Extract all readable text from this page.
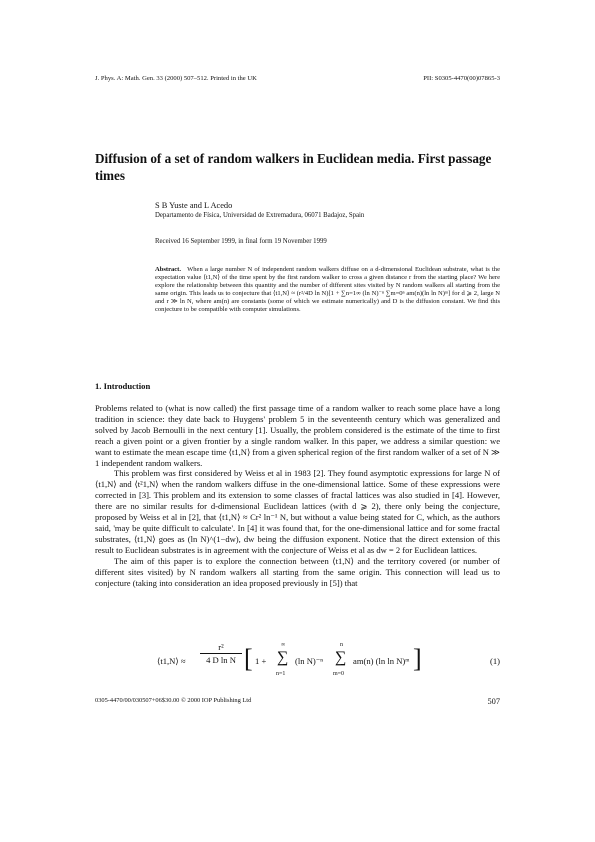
J. Phys. A: Math. Gen. 33 (2000) 507–512. Printed in the UK	PII: S0305-4470(00)07865-3
Diffusion of a set of random walkers in Euclidean media. First passage times
S B Yuste and L Acedo
Departamento de Física, Universidad de Extremadura, 06071 Badajoz, Spain
Received 16 September 1999, in final form 19 November 1999
Abstract. When a large number N of independent random walkers diffuse on a d-dimensional Euclidean substrate, what is the expectation value ⟨t1,N⟩ of the time spent by the first random walker to cross a given distance r from the starting place? We here explore the relationship between this quantity and the number of different sites visited by N random walkers all starting from the same origin. This leads us to conjecture that ⟨t1,N⟩ ≈ (r²/4D ln N)[1 + ∑n=1∞ (ln N)⁻ⁿ ∑m=0ⁿ am(n)(ln ln N)ᵐ] for d ⩾ 2, large N and r ≫ ln N, where am(n) are constants (some of which we estimate numerically) and D is the diffusion constant. We find this conjecture to be compatible with computer simulations.
1. Introduction

Problems related to (what is now called) the first passage time of a random walker to reach some place have a long tradition in science: they date back to Huygens' problem 5 in the seventeenth century which was generalized and solved by Jacob Bernoulli in the next century [1]. Usually, the problem considered is the estimate of the time to first reach a given point or a given frontier by a single random walker. In this paper, we address a similar question: we want to estimate the mean escape time ⟨t1,N⟩ from a given spherical region of the first random walker of a set of N ≫ 1 independent random walkers.

This problem was first considered by Weiss et al in 1983 [2]. They found asymptotic expressions for large N of ⟨t1,N⟩ and ⟨t²1,N⟩ when the random walkers diffuse in the one-dimensional lattice. Some of these expressions were corrected in [3]. This problem and its extension to some classes of fractal lattices was also studied in [4]. However, there are no similar results for d-dimensional Euclidean lattices (with d ⩾ 2), there only being the conjecture, proposed by Weiss et al in [2], that ⟨t1,N⟩ ≈ Cr² ln⁻¹ N, but without a value being stated for C, which, as the authors said, 'may be quite difficult to calculate'. In [4] it was found that, for the one-dimensional lattice and for some fractal substrates, ⟨t1,N⟩ goes as (ln N)^(1−dw), dw being the diffusion exponent. Notice that the direct extension of this result to Euclidean substrates is in agreement with the conjecture of Weiss et al as dw = 2 for Euclidean lattices.

The aim of this paper is to explore the connection between ⟨t1,N⟩ and the territory covered (or number of different sites visited) by N random walkers all starting from the same origin. This connection will lead us to conjecture (taking into consideration an idea proposed previously in [5]) that

⟨t1,N⟩ ≈ $\frac{\text{r²}}{\text{4 D ln N}}$ [ 1 +
∞
∑
n=1
(ln N)⁻ⁿ
n
∑
m=0
am(n) (ln ln N)ᵐ ]	(1)
0305-4470/00/030507+06$30.00 © 2000 IOP Publishing Ltd	507
